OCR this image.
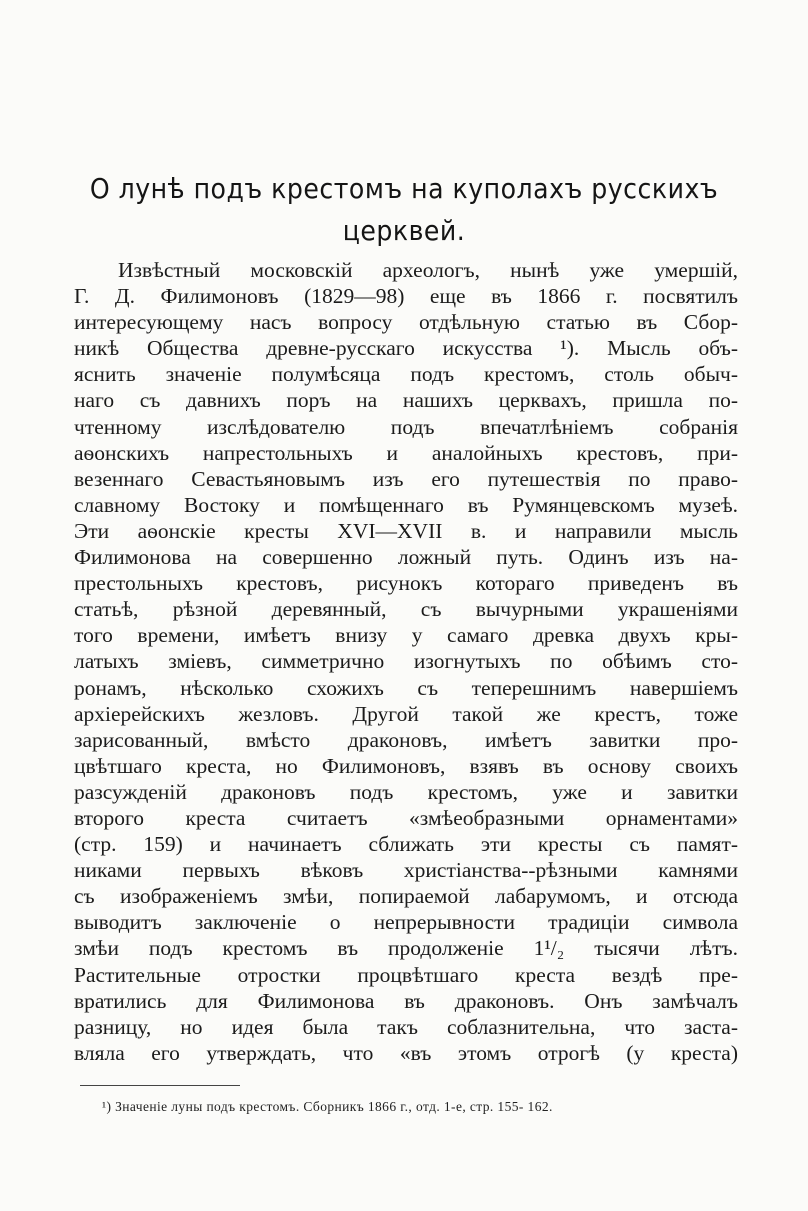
О лунѣ подъ крестомъ на куполахъ русскихъ
церквей.
Извѣстный московскій археологъ, нынѣ уже умершій,
Г. Д. Филимоновъ (1829—98) еще въ 1866 г. посвятилъ
интересующему насъ вопросу отдѣльную статью въ Сбор-
никѣ Общества древне-русскаго искусства ¹). Мысль объ-
яснить значеніе полумѣсяца подъ крестомъ, столь обыч-
наго съ давнихъ поръ на нашихъ церквахъ, пришла по-
чтенному изслѣдователю подъ впечатлѣніемъ собранія
аѳонскихъ напрестольныхъ и аналойныхъ крестовъ, при-
везеннаго Севастьяновымъ изъ его путешествія по право-
славному Востоку и помѣщеннаго въ Румянцевскомъ музеѣ.
Эти аѳонскіе кресты XVI—XVII в. и направили мысль
Филимонова на совершенно ложный путь. Одинъ изъ на-
престольныхъ крестовъ, рисунокъ котораго приведенъ въ
статьѣ, рѣзной деревянный, съ вычурными украшеніями
того времени, имѣетъ внизу у самаго древка двухъ кры-
латыхъ зміевъ, симметрично изогнутыхъ по обѣимъ сто-
ронамъ, нѣсколько схожихъ съ теперешнимъ навершіемъ
архіерейскихъ жезловъ. Другой такой же крестъ, тоже
зарисованный, вмѣсто драконовъ, имѣетъ завитки про-
цвѣтшаго креста, но Филимоновъ, взявъ въ основу своихъ
разсужденій драконовъ подъ крестомъ, уже и завитки
второго креста считаетъ «змѣеобразными орнаментами»
(стр. 159) и начинаетъ сближать эти кресты съ памят-
никами первыхъ вѣковъ христіанства--рѣзными камнями
съ изображеніемъ змѣи, попираемой лабарумомъ, и отсюда
выводитъ заключеніе о непрерывности традиціи символа
змѣи подъ крестомъ въ продолженіе 1¹/₂ тысячи лѣтъ.
Растительные отростки процвѣтшаго креста вездѣ пре-
вратились для Филимонова въ драконовъ. Онъ замѣчалъ
разницу, но идея была такъ соблазнительна, что заста-
вляла его утверждать, что «въ этомъ отрогѣ (у креста)
¹) Значеніе луны подъ крестомъ. Сборникъ 1866 г., отд. 1-е, стр. 155- 162.
